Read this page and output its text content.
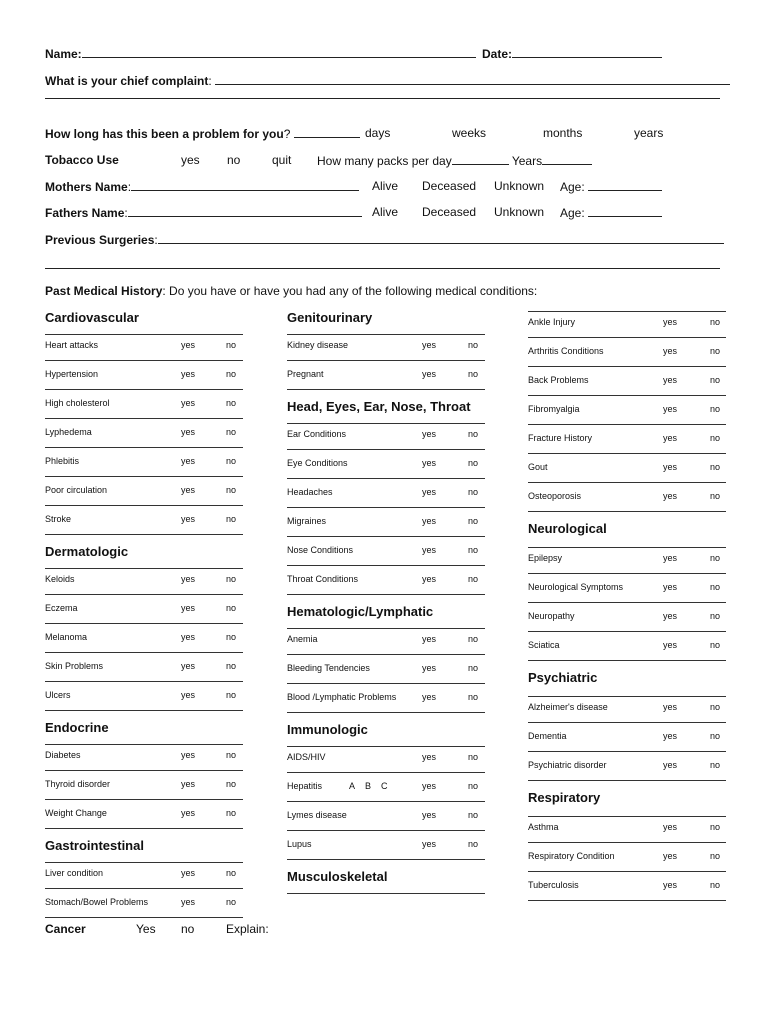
Name:	Date:
What is your chief complaint:
How long has this been a problem for you?	days	weeks	months	years
Tobacco Use	yes no	quit How many packs per day	Years
Mothers Name:	Alive Deceased Unknown Age:
Fathers Name:	Alive Deceased Unknown Age:
Previous Surgeries:
Past Medical History: Do you have or have you had any of the following medical conditions:
Cardiovascular
Heart attacks	yes	no
Hypertension	yes	no
High cholesterol	yes	no
Lyphedema	yes	no
Phlebitis	yes	no
Poor circulation	yes	no
Stroke	yes	no
Dermatologic
Keloids	yes	no
Eczema	yes	no
Melanoma	yes	no
Skin Problems	yes	no
Ulcers	yes	no
Endocrine
Diabetes	yes	no
Thyroid disorder	yes	no
Weight Change	yes	no
Gastrointestinal
Liver condition	yes	no
Stomach/Bowel Problems	yes	no
Genitourinary
Kidney disease	yes	no
Pregnant	yes	no
Head, Eyes, Ear, Nose, Throat
Ear Conditions	yes	no
Eye Conditions	yes	no
Headaches	yes	no
Migraines	yes	no
Nose Conditions	yes	no
Throat Conditions	yes	no
Hematologic/Lymphatic
Anemia	yes	no
Bleeding Tendencies	yes	no
Blood /Lymphatic Problems	yes	no
Immunologic
AIDS/HIV	yes	no
Hepatitis	A B C	yes	no
Lymes disease	yes	no
Lupus	yes	no
Musculoskeletal
Ankle Injury	yes	no
Arthritis Conditions	yes	no
Back Problems	yes	no
Fibromyalgia	yes	no
Fracture History	yes	no
Gout	yes	no
Osteoporosis	yes	no
Neurological
Epilepsy	yes	no
Neurological Symptoms	yes	no
Neuropathy	yes	no
Sciatica	yes	no
Psychiatric
Alzheimer's disease	yes	no
Dementia	yes	no
Psychiatric disorder	yes	no
Respiratory
Asthma	yes	no
Respiratory Condition	yes	no
Tuberculosis	yes	no
Cancer	Yes no	Explain:
